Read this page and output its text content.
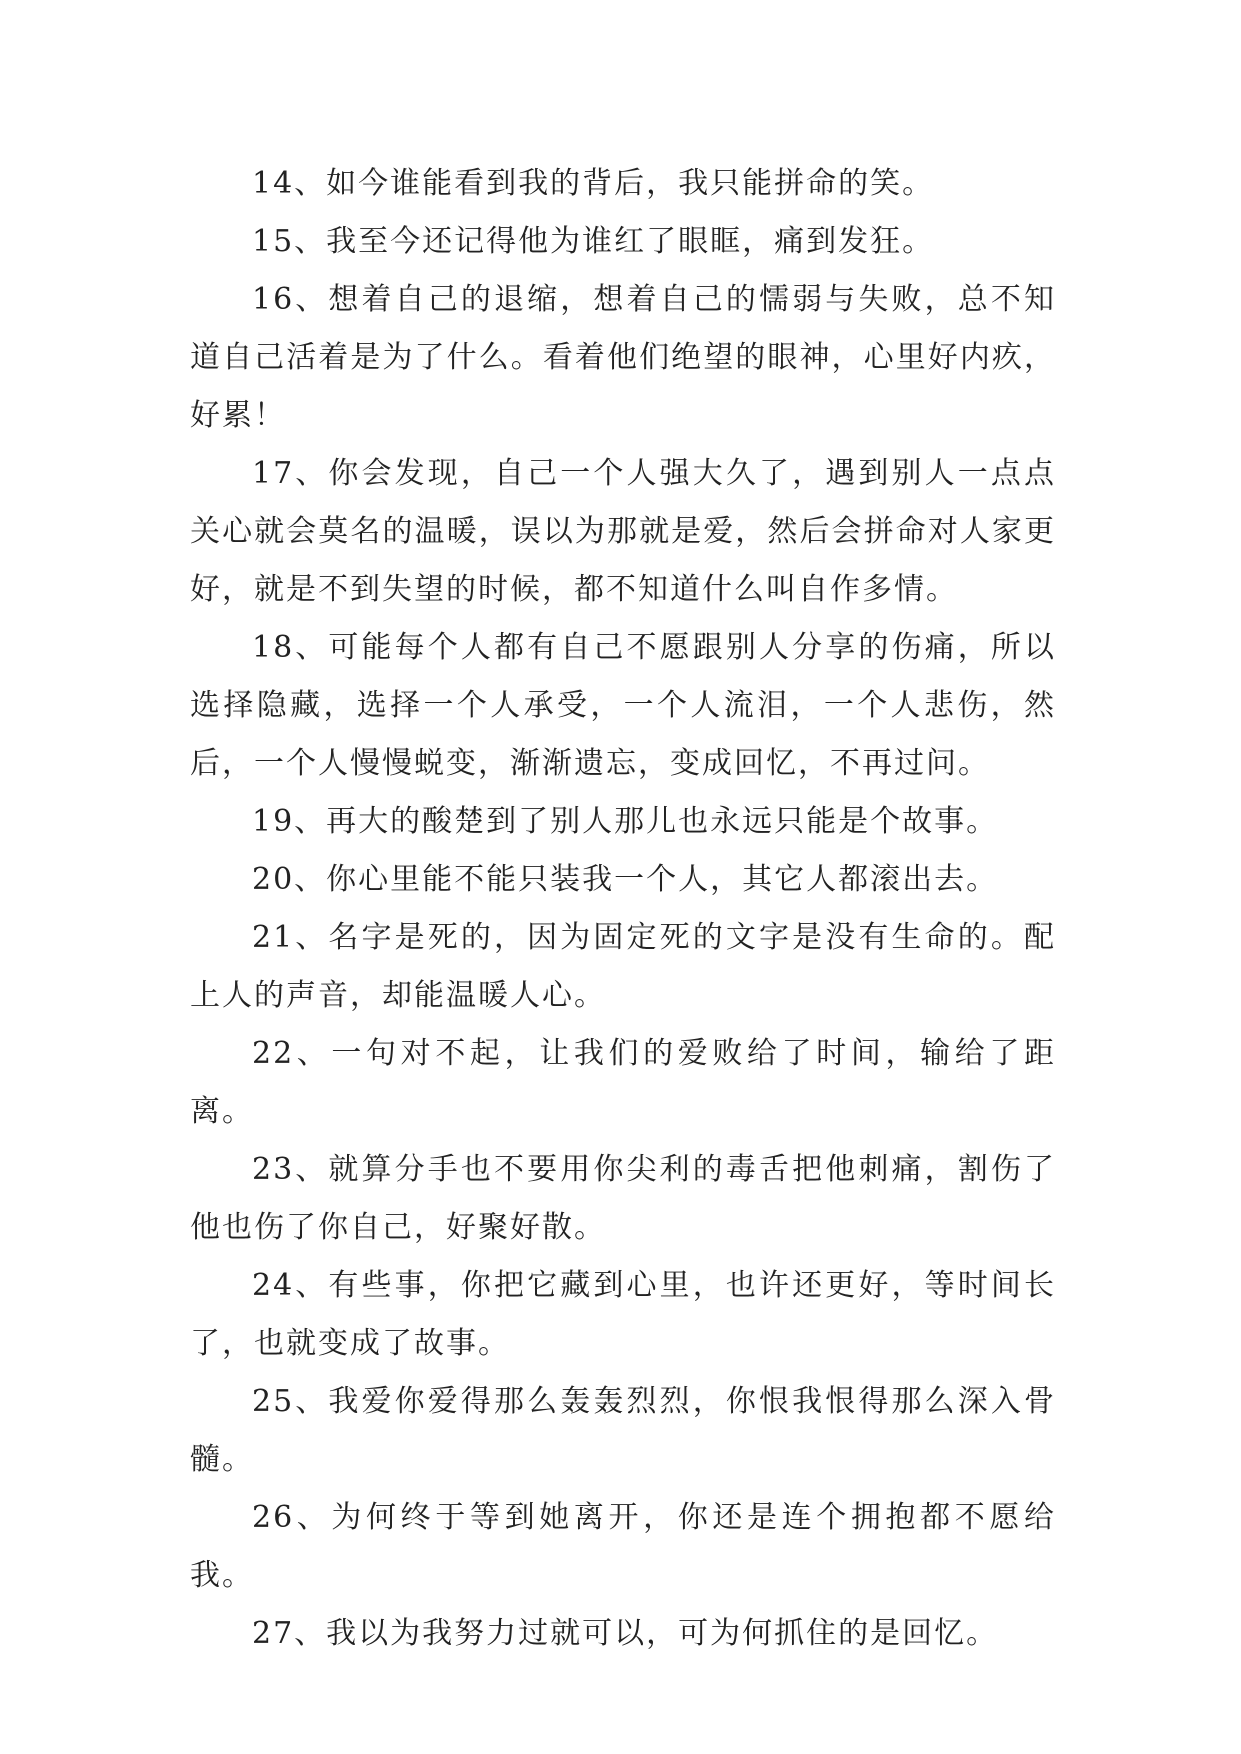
14、如今谁能看到我的背后，我只能拼命的笑。

15、我至今还记得他为谁红了眼眶，痛到发狂。

16、想着自己的退缩，想着自己的懦弱与失败，总不知道自己活着是为了什么。看着他们绝望的眼神，心里好内疚，好累！

17、你会发现，自己一个人强大久了，遇到别人一点点关心就会莫名的温暖，误以为那就是爱，然后会拼命对人家更好，就是不到失望的时候，都不知道什么叫自作多情。

18、可能每个人都有自己不愿跟别人分享的伤痛，所以选择隐藏，选择一个人承受，一个人流泪，一个人悲伤，然后，一个人慢慢蜕变，渐渐遗忘，变成回忆，不再过问。

19、再大的酸楚到了别人那儿也永远只能是个故事。

20、你心里能不能只装我一个人，其它人都滚出去。

21、名字是死的，因为固定死的文字是没有生命的。配上人的声音，却能温暖人心。

22、一句对不起，让我们的爱败给了时间，输给了距离。

23、就算分手也不要用你尖利的毒舌把他刺痛，割伤了他也伤了你自己，好聚好散。

24、有些事，你把它藏到心里，也许还更好，等时间长了，也就变成了故事。

25、我爱你爱得那么轰轰烈烈，你恨我恨得那么深入骨髓。

26、为何终于等到她离开，你还是连个拥抱都不愿给我。

27、我以为我努力过就可以，可为何抓住的是回忆。
